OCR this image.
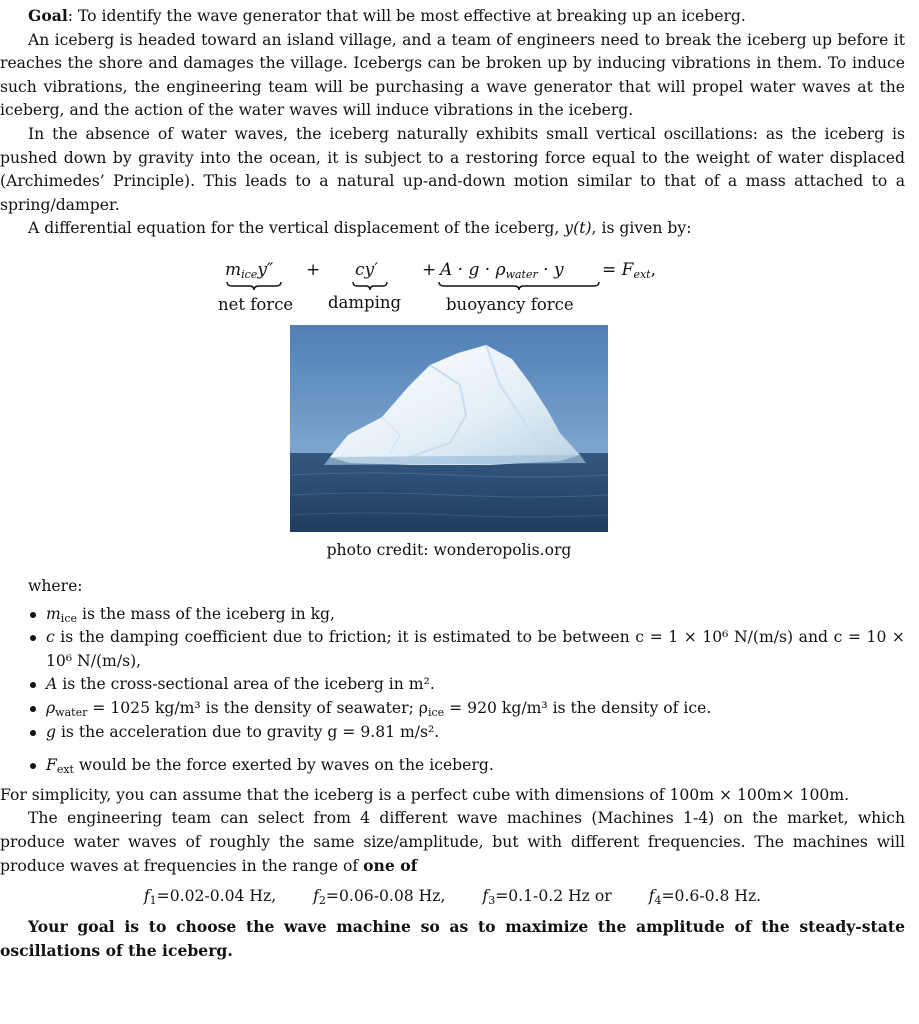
Goal: To identify the wave generator that will be most effective at breaking up an iceberg.

An iceberg is headed toward an island village, and a team of engineers need to break the iceberg up before it reaches the shore and damages the village. Icebergs can be broken up by inducing vibrations in them. To induce such vibrations, the engineering team will be purchasing a wave generator that will propel water waves at the iceberg, and the action of the water waves will induce vibrations in the iceberg.

In the absence of water waves, the iceberg naturally exhibits small vertical oscillations: as the iceberg is pushed down by gravity into the ocean, it is subject to a restoring force equal to the weight of water displaced (Archimedes’ Principle). This leads to a natural up-and-down motion similar to that of a mass attached to a spring/damper.

A differential equation for the vertical displacement of the iceberg, y(t), is given by:

$m_{ice}y'' + cy'$	+ $A \cdot g \cdot \rho_{water} \cdot y = F_{ext}$,
net force damping	buoyancy force
photo credit: wonderopolis.org

where:

$m_{ice}$ is the mass of the iceberg in kg,
c is the damping coefficient due to friction; it is estimated to be between c = 1 × 10⁶ N/(m/s) and c = 10 × 10⁶ N/(m/s),
A is the cross-sectional area of the iceberg in m².
$\rho_{water} = 1025$ kg/m³ is the density of seawater; $\rho_{ice} = 920$ kg/m³ is the density of ice.
g is the acceleration due to gravity g = 9.81 m/s².
$F_{ext}$ would be the force exerted by waves on the iceberg.

For simplicity, you can assume that the iceberg is a perfect cube with dimensions of 100m × 100m× 100m.

The engineering team can select from 4 different wave machines (Machines 1-4) on the market, which produce water waves of roughly the same size/amplitude, but with different frequencies. The machines will produce waves at frequencies in the range of one of

$f_1=0.02-0.04$ Hz, $f_2=0.06-0.08$ Hz, $f_3=0.1-0.2$ Hz or $f_4=0.6-0.8$ Hz.

Your goal is to choose the wave machine so as to maximize the amplitude of the steady-state oscillations of the iceberg.
